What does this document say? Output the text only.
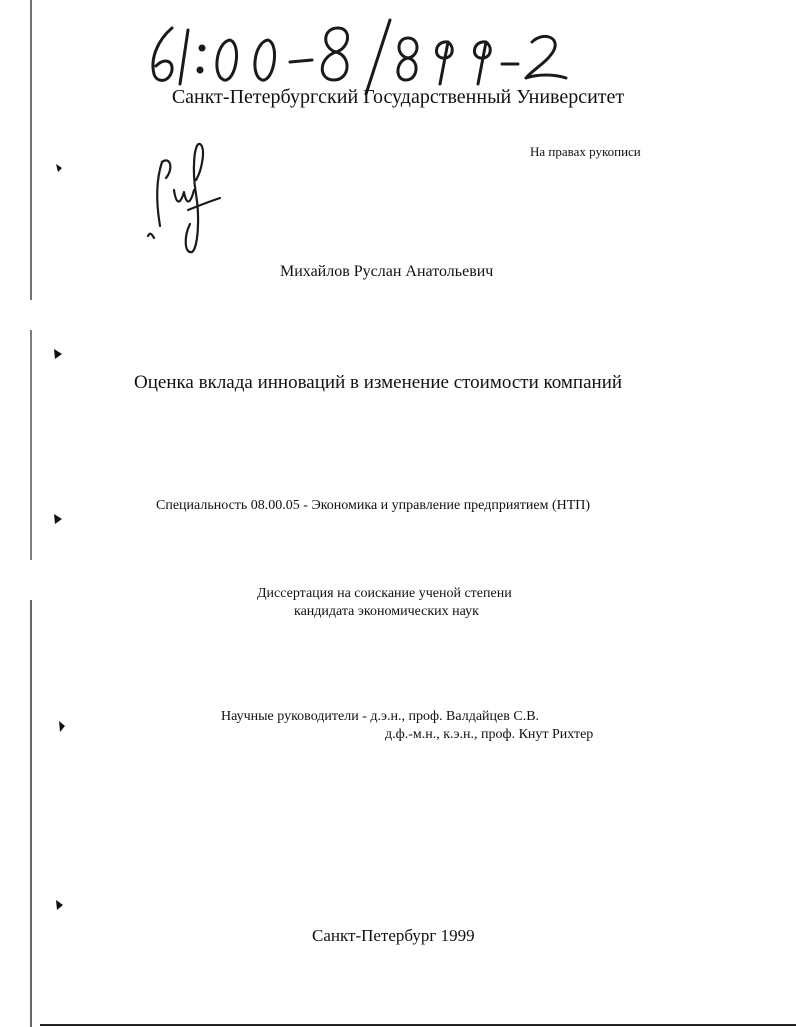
Санкт-Петербургский Государственный Университет
На правах рукописи
Михайлов Руслан Анатольевич
Оценка вклада инноваций в изменение стоимости компаний
Специальность 08.00.05 - Экономика и управление предприятием (НТП)
Диссертация на соискание ученой степени
кандидата экономических наук
Научные руководители - д.э.н., проф. Валдайцев С.В.
д.ф.-м.н., к.э.н., проф. Кнут Рихтер
Санкт-Петербург 1999
